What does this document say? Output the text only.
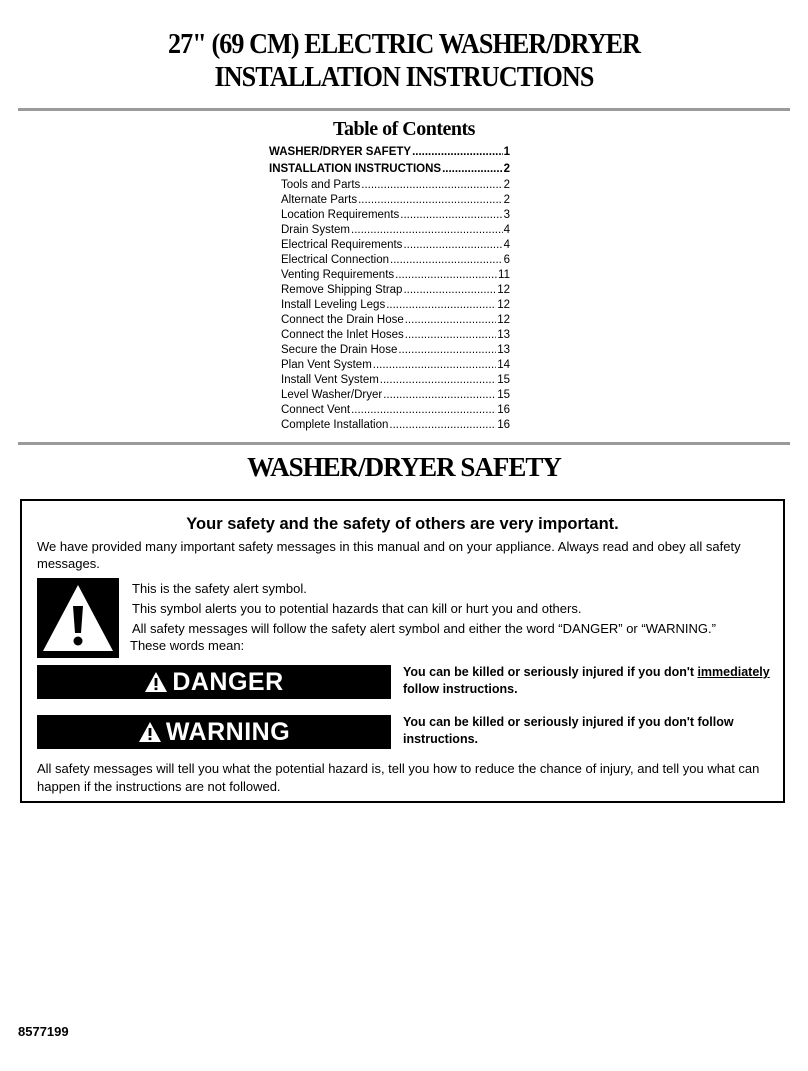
27" (69 CM) ELECTRIC WASHER/DRYER
INSTALLATION INSTRUCTIONS
Table of Contents
WASHER/DRYER SAFETY .....	1
INSTALLATION INSTRUCTIONS .....	2
Tools and Parts .....	2
Alternate Parts .....	2
Location Requirements .....	3
Drain System .....	4
Electrical Requirements .....	4
Electrical Connection .....	6
Venting Requirements .....	11
Remove Shipping Strap .....	12
Install Leveling Legs .....	12
Connect the Drain Hose .....	12
Connect the Inlet Hoses .....	13
Secure the Drain Hose .....	13
Plan Vent System .....	14
Install Vent System .....	15
Level Washer/Dryer .....	15
Connect Vent .....	16
Complete Installation .....	16
WASHER/DRYER SAFETY
Your safety and the safety of others are very important.
We have provided many important safety messages in this manual and on your appliance. Always read and obey all safety messages.
This is the safety alert symbol.
This symbol alerts you to potential hazards that can kill or hurt you and others.
All safety messages will follow the safety alert symbol and either the word “DANGER” or “WARNING.”
These words mean:
DANGER	You can be killed or seriously injured if you don't immediately
follow instructions.
WARNING	You can be killed or seriously injured if you don't follow instructions.
All safety messages will tell you what the potential hazard is, tell you how to reduce the chance of injury, and tell you what can happen if the instructions are not followed.
8577199
